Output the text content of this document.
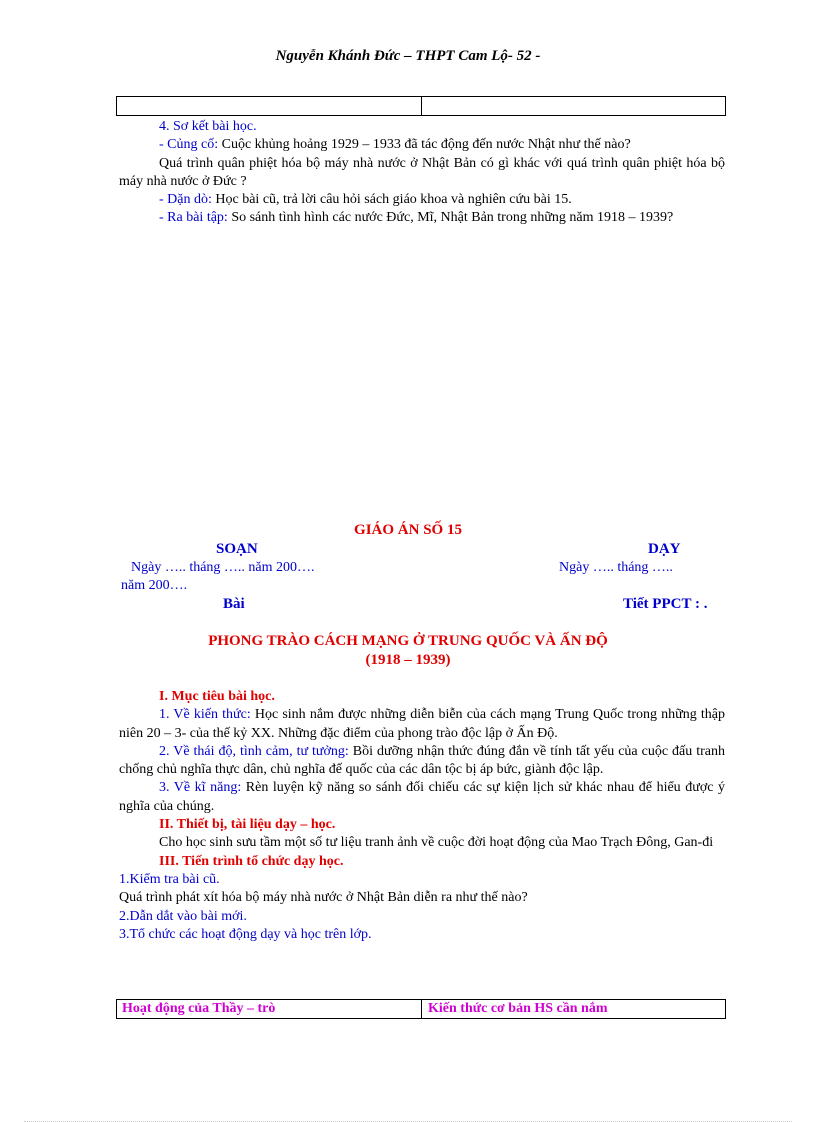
Nguyễn Khánh Đức – THPT Cam Lộ- 52 -
4. Sơ kết bài học.
- Củng cố: Cuộc khủng hoảng 1929 – 1933 đã tác động đến nước Nhật như thế nào?
Quá trình quân phiệt hóa bộ máy nhà nước ở Nhật Bản có gì khác với quá trình quân phiệt hóa bộ máy nhà nước ở Đức ?
- Dặn dò: Học bài cũ, trả lời câu hỏi sách giáo khoa và nghiên cứu bài 15.
- Ra bài tập: So sánh tình hình các nước Đức, Mĩ, Nhật Bản trong những năm 1918 – 1939?
GIÁO ÁN SỐ 15
SOẠN	DẠY
Ngày ….. tháng ….. năm 200….	Ngày ….. tháng …..
năm 200….
Bài	Tiết PPCT : .
PHONG TRÀO CÁCH MẠNG Ở TRUNG QUỐC VÀ ẤN ĐỘ
(1918 – 1939)
I. Mục tiêu bài học.
1. Về kiến thức: Học sinh nắm được những diễn biễn của cách mạng Trung Quốc trong những thập niên 20 – 3- của thế kỷ XX. Những đặc điểm của phong trào độc lập ở Ấn Độ.
2. Về thái độ, tình cảm, tư tưởng: Bồi dưỡng nhận thức đúng đắn về tính tất yếu của cuộc đấu tranh chống chủ nghĩa thực dân, chủ nghĩa đế quốc của các dân tộc bị áp bức, giành độc lập.
3. Về kĩ năng: Rèn luyện kỹ năng so sánh đối chiếu các sự kiện lịch sử khác nhau để hiểu được ý nghĩa của chúng.
II. Thiết bị, tài liệu dạy – học.
Cho học sinh sưu tầm một số tư liệu tranh ảnh về cuộc đời hoạt động của Mao Trạch Đông, Gan-đi
III. Tiến trình tổ chức dạy học.
1.Kiểm tra bài cũ.
Quá trình phát xít hóa bộ máy nhà nước ở Nhật Bản diễn ra như thế nào?
2.Dẫn dắt vào bài mới.
3.Tổ chức các hoạt động dạy và học trên lớp.
Hoạt động của Thầy – trò	Kiến thức cơ bản HS cần nắm
